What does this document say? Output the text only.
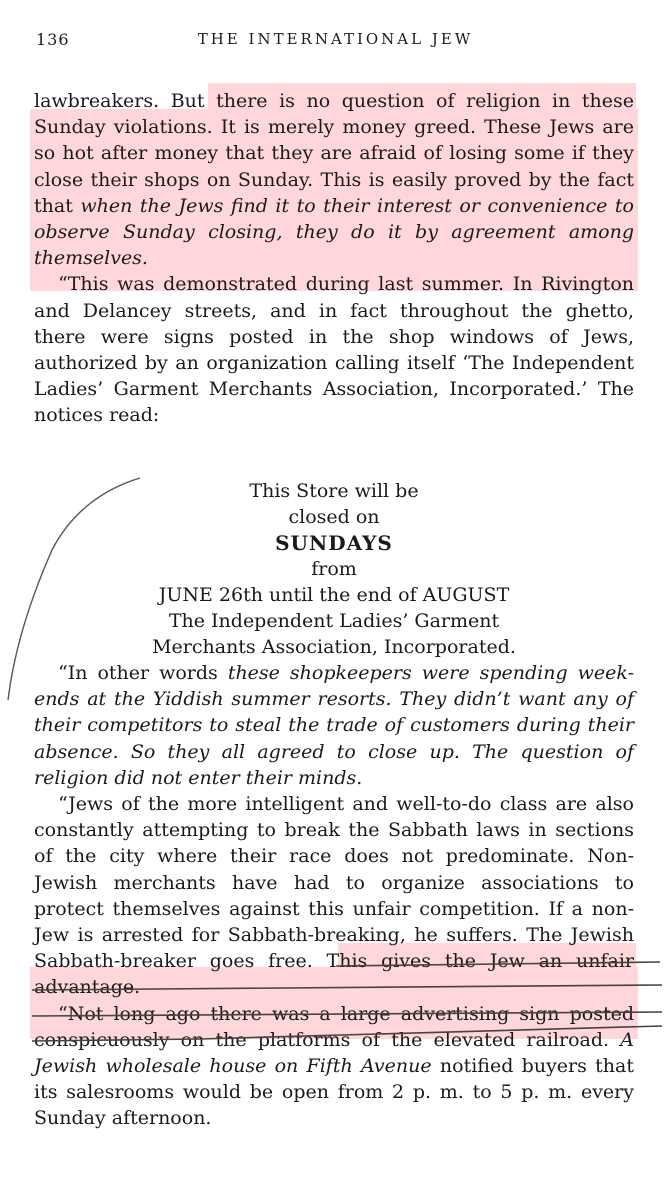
136	THE INTERNATIONAL JEW

lawbreakers. But there is no question of religion in these Sunday violations. It is merely money greed. These Jews are so hot after money that they are afraid of losing some if they close their shops on Sunday. This is easily proved by the fact that when the Jews find it to their interest or convenience to observe Sunday closing, they do it by agreement among themselves.

“This was demonstrated during last summer. In Rivington and Delancey streets, and in fact throughout the ghetto, there were signs posted in the shop windows of Jews, authorized by an organization calling itself ‘The Independent Ladies’ Garment Merchants Association, Incorporated.’ The notices read:

This Store will be
closed on
SUNDAYS
from
JUNE 26th until the end of AUGUST
The Independent Ladies’ Garment
Merchants Association, Incorporated.

“In other words these shopkeepers were spending week-ends at the Yiddish summer resorts. They didn’t want any of their competitors to steal the trade of customers during their absence. So they all agreed to close up. The question of religion did not enter their minds.

“Jews of the more intelligent and well-to-do class are also constantly attempting to break the Sabbath laws in sections of the city where their race does not predominate. Non-Jewish merchants have had to organize associations to protect themselves against this unfair competition. If a non-Jew is arrested for Sabbath-breaking, he suffers. The Jewish Sabbath-breaker goes free. This gives the Jew an unfair advantage.

“Not long ago there was a large advertising sign posted conspicuously on the platforms of the elevated railroad. A Jewish wholesale house on Fifth Avenue notified buyers that its salesrooms would be open from 2 p. m. to 5 p. m. every Sunday afternoon.
